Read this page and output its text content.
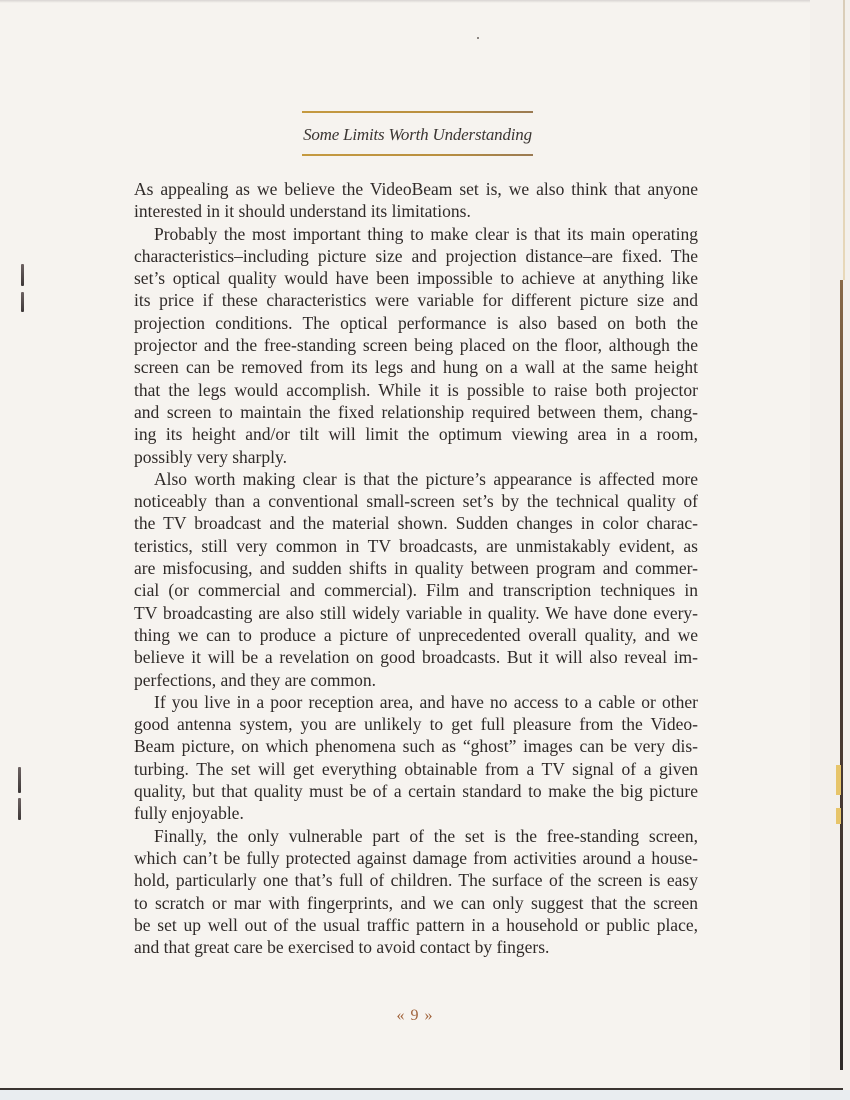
Some Limits Worth Understanding
As appealing as we believe the VideoBeam set is, we also think that anyone
interested in it should understand its limitations.
Probably the most important thing to make clear is that its main operating
characteristics–including picture size and projection distance–are fixed. The
set’s optical quality would have been impossible to achieve at anything like
its price if these characteristics were variable for different picture size and
projection conditions. The optical performance is also based on both the
projector and the free-standing screen being placed on the floor, although the
screen can be removed from its legs and hung on a wall at the same height
that the legs would accomplish. While it is possible to raise both projector
and screen to maintain the fixed relationship required between them, chang-
ing its height and/or tilt will limit the optimum viewing area in a room,
possibly very sharply.
Also worth making clear is that the picture’s appearance is affected more
noticeably than a conventional small-screen set’s by the technical quality of
the TV broadcast and the material shown. Sudden changes in color charac-
teristics, still very common in TV broadcasts, are unmistakably evident, as
are misfocusing, and sudden shifts in quality between program and commer-
cial (or commercial and commercial). Film and transcription techniques in
TV broadcasting are also still widely variable in quality. We have done every-
thing we can to produce a picture of unprecedented overall quality, and we
believe it will be a revelation on good broadcasts. But it will also reveal im-
perfections, and they are common.
If you live in a poor reception area, and have no access to a cable or other
good antenna system, you are unlikely to get full pleasure from the Video-
Beam picture, on which phenomena such as “ghost” images can be very dis-
turbing. The set will get everything obtainable from a TV signal of a given
quality, but that quality must be of a certain standard to make the big picture
fully enjoyable.
Finally, the only vulnerable part of the set is the free-standing screen,
which can’t be fully protected against damage from activities around a house-
hold, particularly one that’s full of children. The surface of the screen is easy
to scratch or mar with fingerprints, and we can only suggest that the screen
be set up well out of the usual traffic pattern in a household or public place,
and that great care be exercised to avoid contact by fingers.
« 9 »
